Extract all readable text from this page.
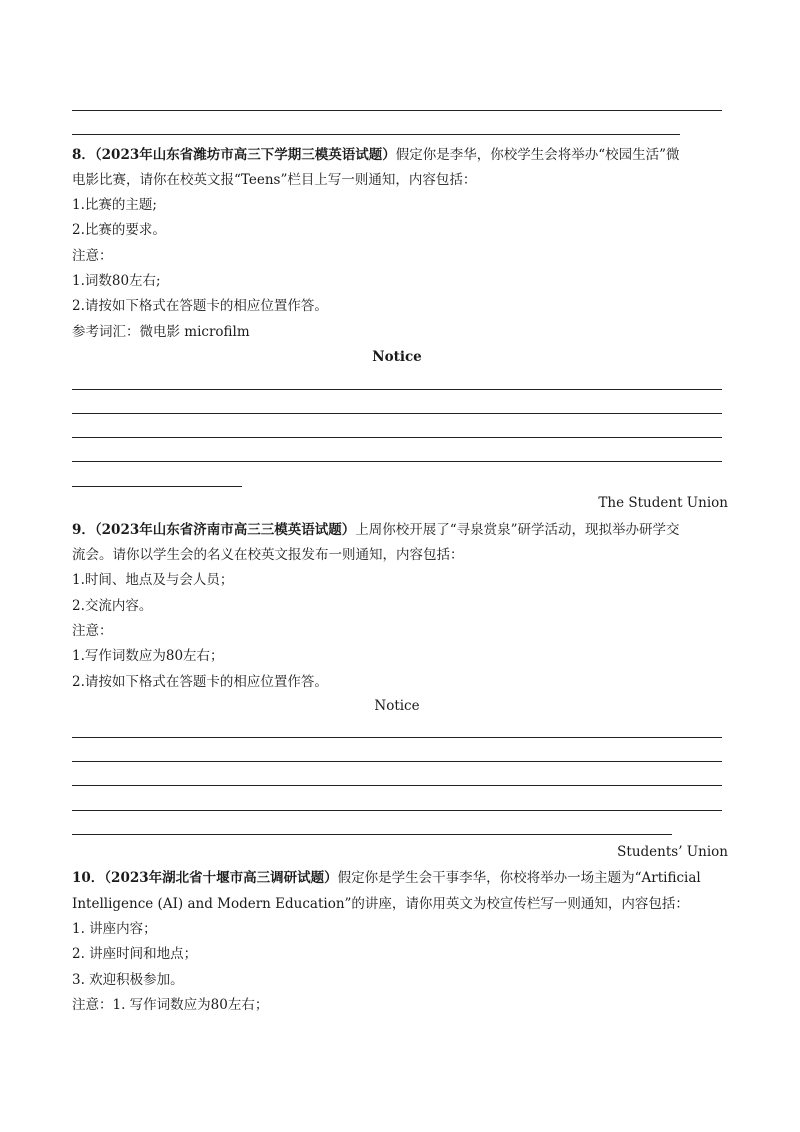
8．（2023年山东省潍坊市高三下学期三模英语试题）假定你是李华，你校学生会将举办“校园生活”微
电影比赛，请你在校英文报“Teens”栏目上写一则通知，内容包括：
1.比赛的主题;
2.比赛的要求。
注意：
1.词数80左右;
2.请按如下格式在答题卡的相应位置作答。
参考词汇：微电影 microfilm
Notice
The Student Union
9．（2023年山东省济南市高三三模英语试题）上周你校开展了“寻泉赏泉”研学活动，现拟举办研学交
流会。请你以学生会的名义在校英文报发布一则通知，内容包括：
1.时间、地点及与会人员；
2.交流内容。
注意：
1.写作词数应为80左右；
2.请按如下格式在答题卡的相应位置作答。
Notice
Students’ Union
10．（2023年湖北省十堰市高三调研试题）假定你是学生会干事李华，你校将举办一场主题为“Artificial
Intelligence (AI) and Modern Education”的讲座，请你用英文为校宣传栏写一则通知，内容包括：
1. 讲座内容；
2. 讲座时间和地点；
3. 欢迎积极参加。
注意：1. 写作词数应为80左右；
